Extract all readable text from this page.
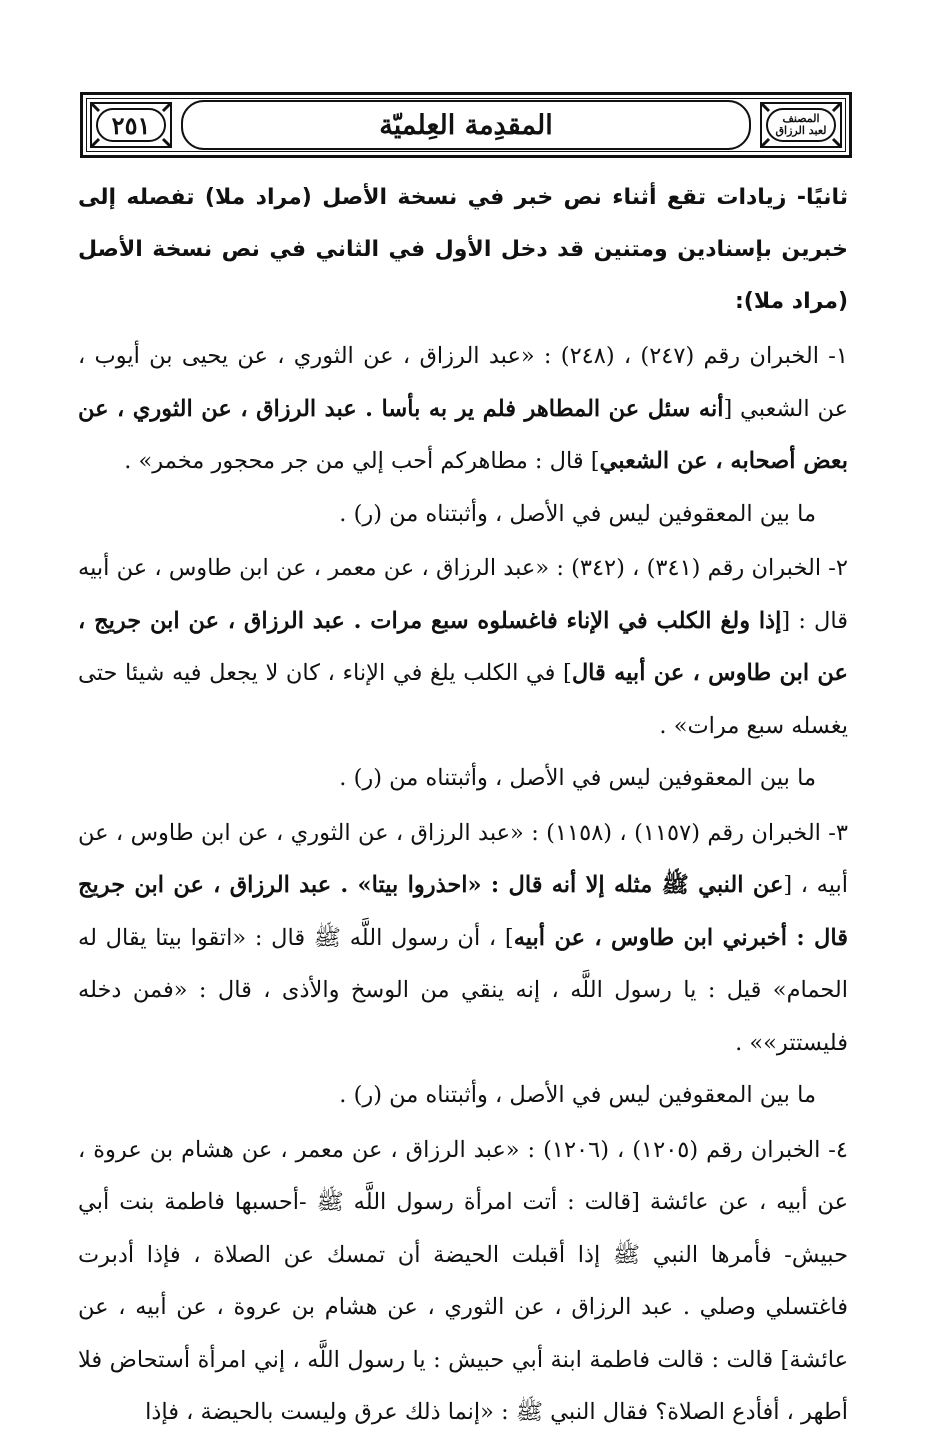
المصنف
لعبد الرزاق
المقدِمة العِلميّة
٢٥١

ثانيًا- زيادات تقع أثناء نص خبر في نسخة الأصل (مراد ملا) تفصله إلى خبرين بإسنادين ومتنين قد دخل الأول في الثاني في نص نسخة الأصل (مراد ملا):

١- الخبران رقم (٢٤٧) ، (٢٤٨) : «عبد الرزاق ، عن الثوري ، عن يحيى بن أيوب ، عن الشعبي [أنه سئل عن المطاهر فلم ير به بأسا . عبد الرزاق ، عن الثوري ، عن بعض أصحابه ، عن الشعبي] قال : مطاهركم أحب إلي من جر محجور مخمر» .

ما بين المعقوفين ليس في الأصل ، وأثبتناه من (ر) .

٢- الخبران رقم (٣٤١) ، (٣٤٢) : «عبد الرزاق ، عن معمر ، عن ابن طاوس ، عن أبيه قال : [إذا ولغ الكلب في الإناء فاغسلوه سبع مرات . عبد الرزاق ، عن ابن جريج ، عن ابن طاوس ، عن أبيه قال] في الكلب يلغ في الإناء ، كان لا يجعل فيه شيئا حتى يغسله سبع مرات» .

ما بين المعقوفين ليس في الأصل ، وأثبتناه من (ر) .

٣- الخبران رقم (١١٥٧) ، (١١٥٨) : «عبد الرزاق ، عن الثوري ، عن ابن طاوس ، عن أبيه ، [عن النبي ﷺ مثله إلا أنه قال : «احذروا بيتا» . عبد الرزاق ، عن ابن جريج قال : أخبرني ابن طاوس ، عن أبيه] ، أن رسول اللَّه ﷺ قال : «اتقوا بيتا يقال له الحمام» قيل : يا رسول اللَّه ، إنه ينقي من الوسخ والأذى ، قال : «فمن دخله فليستتر»» .

ما بين المعقوفين ليس في الأصل ، وأثبتناه من (ر) .

٤- الخبران رقم (١٢٠٥) ، (١٢٠٦) : «عبد الرزاق ، عن معمر ، عن هشام بن عروة ، عن أبيه ، عن عائشة [قالت : أتت امرأة رسول اللَّه ﷺ -أحسبها فاطمة بنت أبي حبيش- فأمرها النبي ﷺ إذا أقبلت الحيضة أن تمسك عن الصلاة ، فإذا أدبرت فاغتسلي وصلي . عبد الرزاق ، عن الثوري ، عن هشام بن عروة ، عن أبيه ، عن عائشة] قالت : قالت فاطمة ابنة أبي حبيش : يا رسول اللَّه ، إني امرأة أستحاض فلا أطهر ، أفأدع الصلاة؟ فقال النبي ﷺ : «إنما ذلك عرق وليست بالحيضة ، فإذا
